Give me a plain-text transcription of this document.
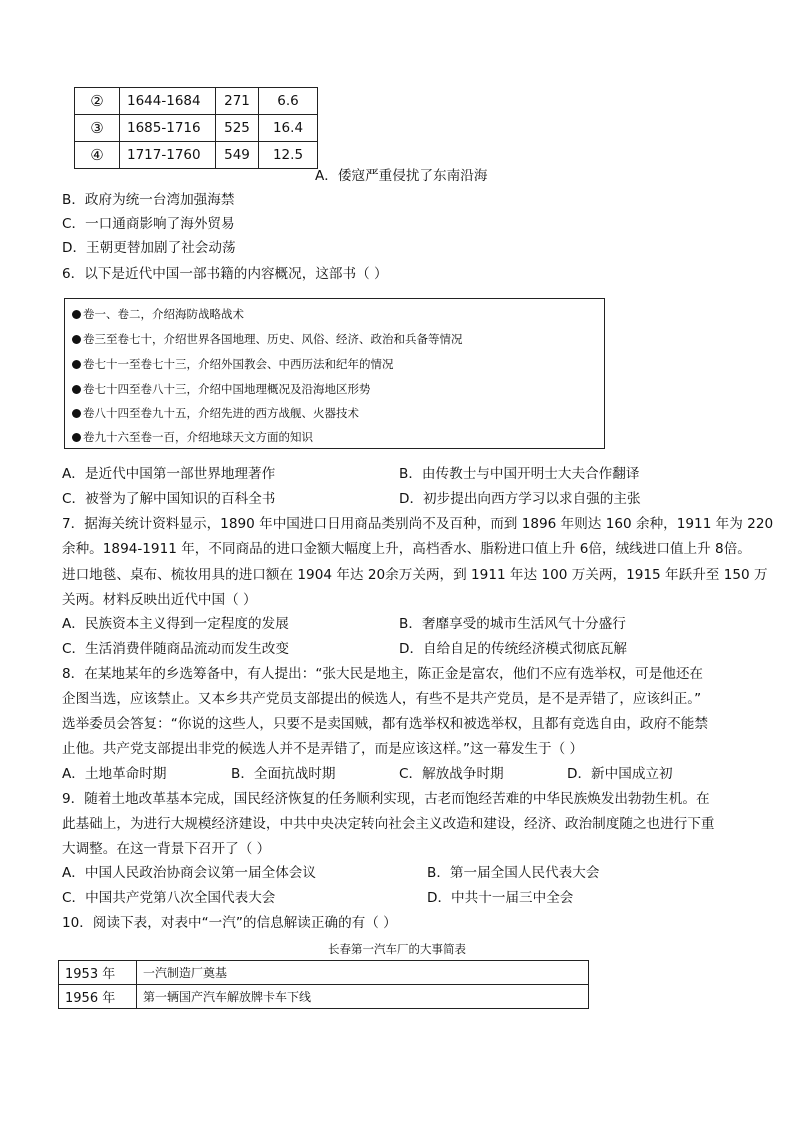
②	1644-1684	271	6.6
③	1685-1716	525	16.4
④	1717-1760	549	12.5
A．倭寇严重侵扰了东南沿海
B．政府为统一台湾加强海禁
C．一口通商影响了海外贸易
D．王朝更替加剧了社会动荡
6．以下是近代中国一部书籍的内容概况，这部书（ ）
卷一、卷二，介绍海防战略战术
卷三至卷七十，介绍世界各国地理、历史、风俗、经济、政治和兵备等情况
卷七十一至卷七十三，介绍外国教会、中西历法和纪年的情况
卷七十四至卷八十三，介绍中国地理概况及沿海地区形势
卷八十四至卷九十五，介绍先进的西方战舰、火器技术
卷九十六至卷一百，介绍地球天文方面的知识
A．是近代中国第一部世界地理著作	B．由传教士与中国开明士大夫合作翻译
C．被誉为了解中国知识的百科全书	D．初步提出向西方学习以求自强的主张
7．据海关统计资料显示，1890 年中国进口日用商品类别尚不及百种，而到 1896 年则达 160 余种，1911 年为 220
余种。1894-1911 年，不同商品的进口金额大幅度上升，高档香水、脂粉进口值上升 6倍，绒线进口值上升 8倍。
进口地毯、桌布、梳妆用具的进口额在 1904 年达 20余万关两，到 1911 年达 100 万关两，1915 年跃升至 150 万
关两。材料反映出近代中国（ ）
A．民族资本主义得到一定程度的发展	B．奢靡享受的城市生活风气十分盛行
C．生活消费伴随商品流动而发生改变	D．自给自足的传统经济模式彻底瓦解
8．在某地某年的乡选筹备中，有人提出：“张大民是地主，陈正金是富农，他们不应有选举权，可是他还在
企图当选，应该禁止。又本乡共产党员支部提出的候选人，有些不是共产党员，是不是弄错了，应该纠正。”
选举委员会答复：“你说的这些人，只要不是卖国贼，都有选举权和被选举权，且都有竞选自由，政府不能禁
止他。共产党支部提出非党的候选人并不是弄错了，而是应该这样。”这一幕发生于（ ）
A．土地革命时期	B．全面抗战时期	C．解放战争时期	D．新中国成立初
9．随着土地改革基本完成，国民经济恢复的任务顺利实现，古老而饱经苦难的中华民族焕发出勃勃生机。在
此基础上，为进行大规模经济建设，中共中央决定转向社会主义改造和建设，经济、政治制度随之也进行下重
大调整。在这一背景下召开了（ ）
A．中国人民政治协商会议第一届全体会议	B．第一届全国人民代表大会
C．中国共产党第八次全国代表大会	D．中共十一届三中全会
10．阅读下表，对表中“一汽”的信息解读正确的有（ ）
长春第一汽车厂的大事简表
1953 年	一汽制造厂奠基
1956 年	第一辆国产汽车解放牌卡车下线
